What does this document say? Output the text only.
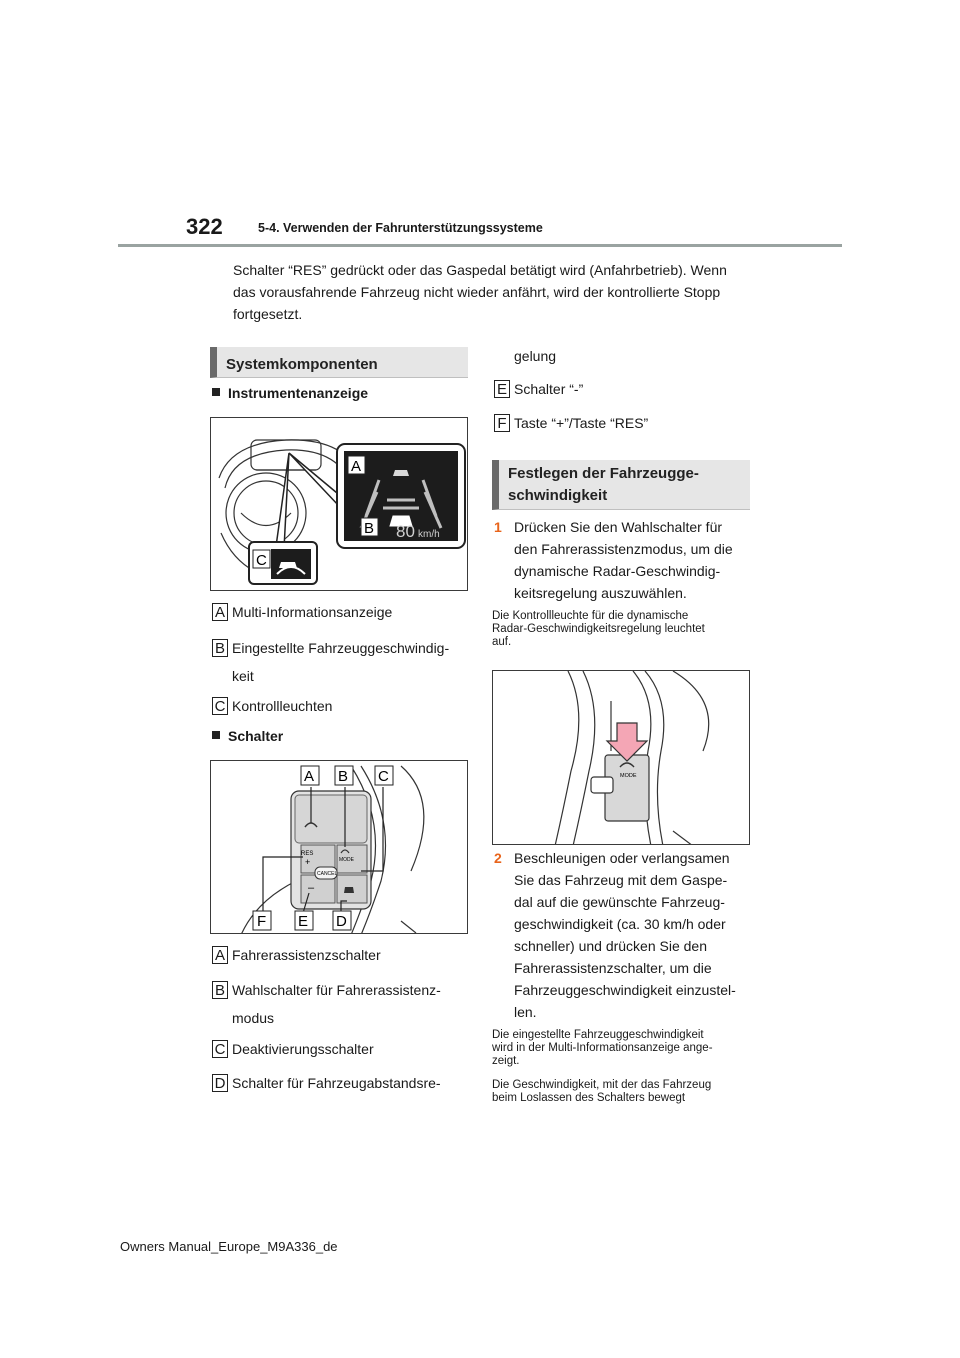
322	5-4. Verwenden der Fahrunterstützungssysteme
Schalter “RES” gedrückt oder das Gaspedal betätigt wird (Anfahrbetrieb). Wenn
das vorausfahrende Fahrzeug nicht wieder anfährt, wird der kontrollierte Stopp
fortgesetzt.
Systemkomponenten
Instrumentenanzeige
80 km/h
A
B
C
A Multi-Informationsanzeige
B Eingestellte Fahrzeuggeschwindig-
keit
C Kontrollleuchten
Schalter
CANCEL
RES
+	MODE
–
A B C
F E D
A Fahrerassistenzschalter
B Wahlschalter für Fahrerassistenz-
modus
C Deaktivierungsschalter
D Schalter für Fahrzeugabstandsre-
gelung
E Schalter “-”
F Taste “+”/Taste “RES”
Festlegen der Fahrzeugge-
schwindigkeit
1 Drücken Sie den Wahlschalter für
den Fahrerassistenzmodus, um die
dynamische Radar-Geschwindig-
keitsregelung auszuwählen.
Die Kontrollleuchte für die dynamische
Radar-Geschwindigkeitsregelung leuchtet
auf.
MODE
2 Beschleunigen oder verlangsamen
Sie das Fahrzeug mit dem Gaspe-
dal auf die gewünschte Fahrzeug-
geschwindigkeit (ca. 30 km/h oder
schneller) und drücken Sie den
Fahrerassistenzschalter, um die
Fahrzeuggeschwindigkeit einzustel-
len.
Die eingestellte Fahrzeuggeschwindigkeit
wird in der Multi-Informationsanzeige ange-
zeigt.
Die Geschwindigkeit, mit der das Fahrzeug
beim Loslassen des Schalters bewegt
Owners Manual_Europe_M9A336_de
